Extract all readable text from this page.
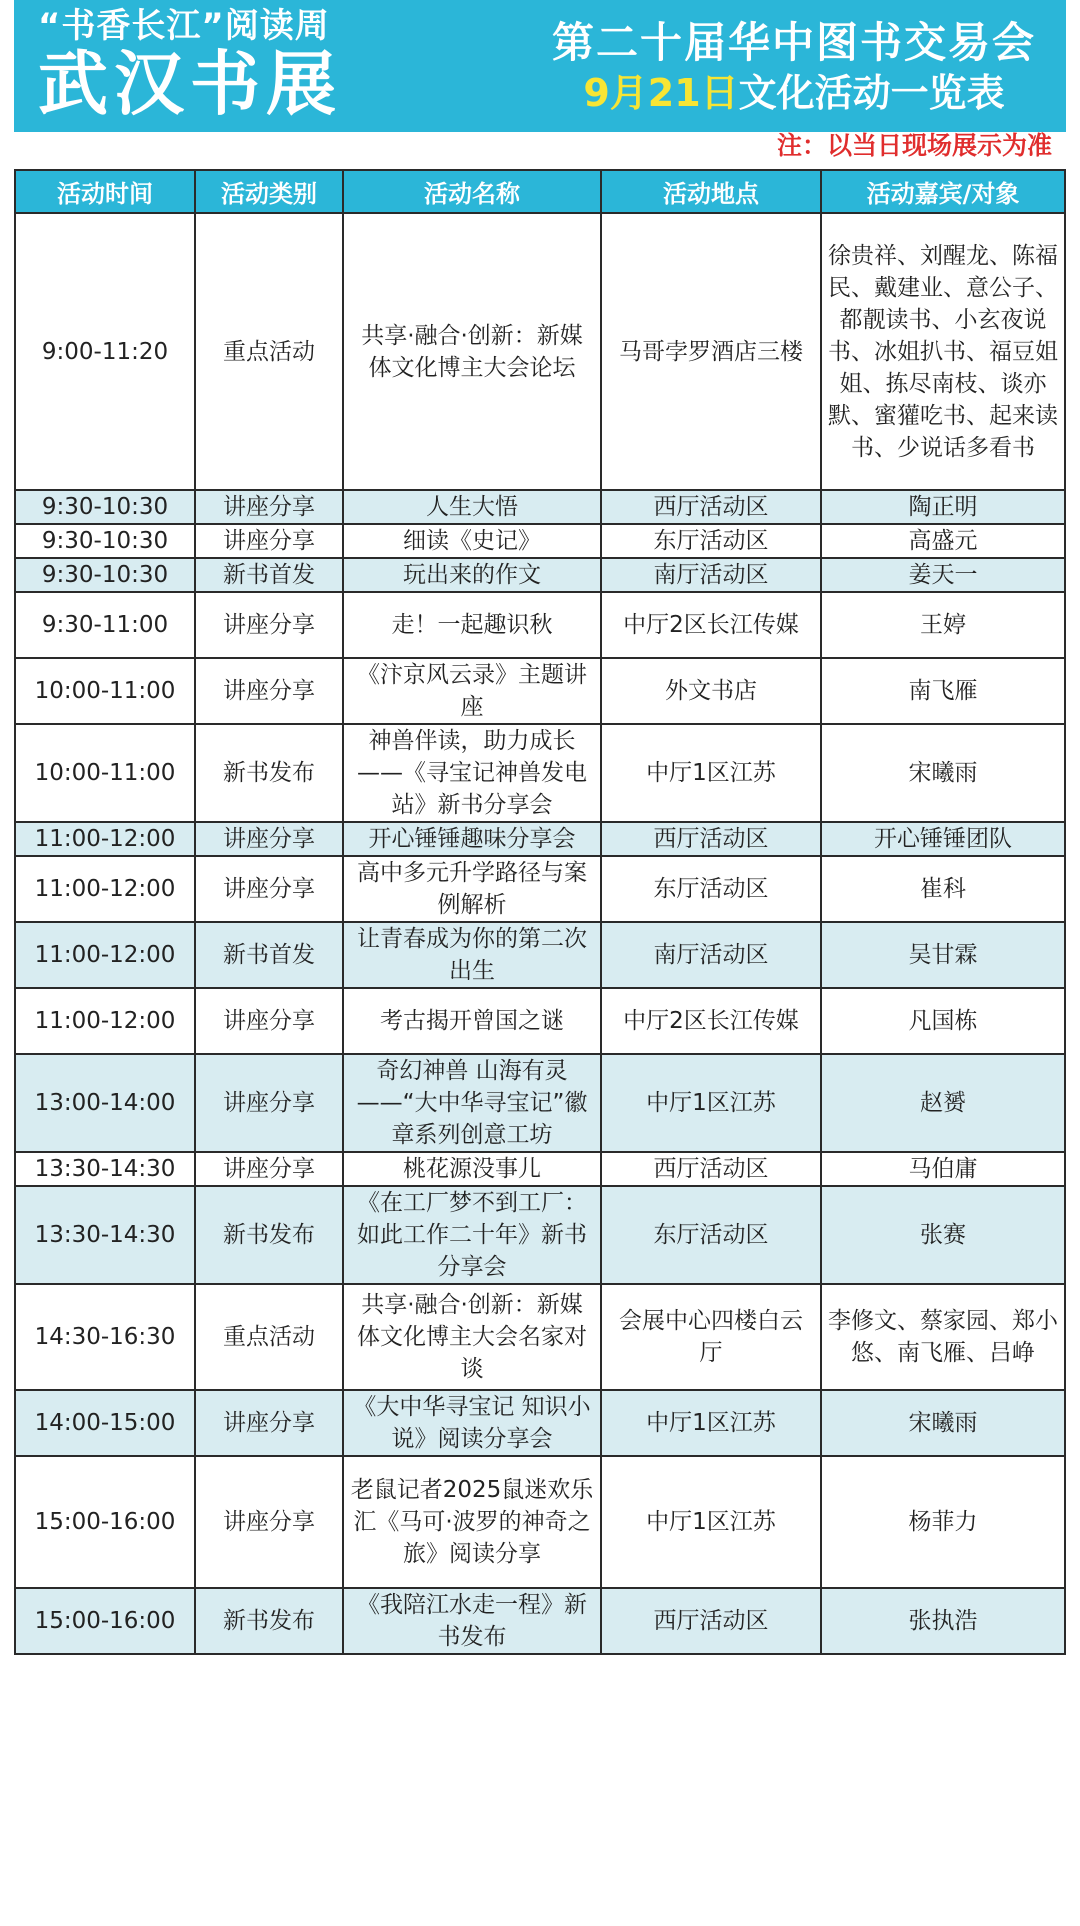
“书香长江”阅读周
武汉书展
第二十届华中图书交易会
9月21日文化活动一览表
注：以当日现场展示为准
活动时间	活动类别	活动名称	活动地点	活动嘉宾/对象
9:00-11:20	重点活动	共享·融合·创新：新媒体文化博主大会论坛	马哥孛罗酒店三楼	徐贵祥、刘醒龙、陈福民、戴建业、意公子、都靓读书、小玄夜说书、冰姐扒书、福豆姐姐、拣尽南枝、谈亦默、蜜獾吃书、起来读书、少说话多看书
9:30-10:30	讲座分享	人生大悟	西厅活动区	陶正明
9:30-10:30	讲座分享	细读《史记》	东厅活动区	高盛元
9:30-10:30	新书首发	玩出来的作文	南厅活动区	姜天一
9:30-11:00	讲座分享	走！一起趣识秋	中厅2区长江传媒	王婷
10:00-11:00	讲座分享	《汴京风云录》主题讲座	外文书店	南飞雁
10:00-11:00	新书发布	神兽伴读，助力成长——《寻宝记神兽发电站》新书分享会	中厅1区江苏	宋曦雨
11:00-12:00	讲座分享	开心锤锤趣味分享会	西厅活动区	开心锤锤团队
11:00-12:00	讲座分享	高中多元升学路径与案例解析	东厅活动区	崔科
11:00-12:00	新书首发	让青春成为你的第二次出生	南厅活动区	吴甘霖
11:00-12:00	讲座分享	考古揭开曾国之谜	中厅2区长江传媒	凡国栋
13:00-14:00	讲座分享	奇幻神兽 山海有灵——“大中华寻宝记”徽章系列创意工坊	中厅1区江苏	赵赟
13:30-14:30	讲座分享	桃花源没事儿	西厅活动区	马伯庸
13:30-14:30	新书发布	《在工厂梦不到工厂：如此工作二十年》新书分享会	东厅活动区	张赛
14:30-16:30	重点活动	共享·融合·创新：新媒体文化博主大会名家对谈	会展中心四楼白云厅	李修文、蔡家园、郑小悠、南飞雁、吕峥
14:00-15:00	讲座分享	《大中华寻宝记 知识小说》阅读分享会	中厅1区江苏	宋曦雨
15:00-16:00	讲座分享	老鼠记者2025鼠迷欢乐汇《马可·波罗的神奇之旅》阅读分享	中厅1区江苏	杨菲力
15:00-16:00	新书发布	《我陪江水走一程》新书发布	西厅活动区	张执浩
